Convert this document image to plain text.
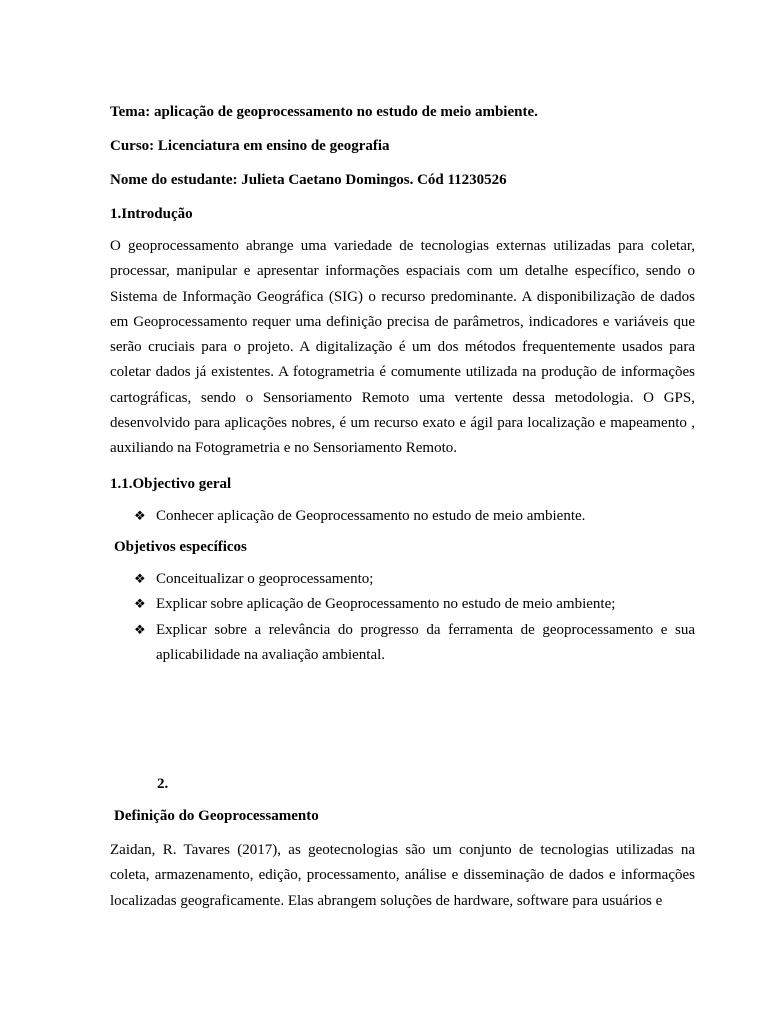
Tema: aplicação de geoprocessamento no estudo de meio ambiente.

Curso: Licenciatura em ensino de geografia

Nome do estudante: Julieta Caetano Domingos. Cód 11230526

1.Introdução

O geoprocessamento abrange uma variedade de tecnologias externas utilizadas para coletar, processar, manipular e apresentar informações espaciais com um detalhe específico, sendo o Sistema de Informação Geográfica (SIG) o recurso predominante. A disponibilização de dados em Geoprocessamento requer uma definição precisa de parâmetros, indicadores e variáveis que serão cruciais para o projeto. A digitalização é um dos métodos frequentemente usados para coletar dados já existentes. A fotogrametria é comumente utilizada na produção de informações cartográficas, sendo o Sensoriamento Remoto uma vertente dessa metodologia. O GPS, desenvolvido para aplicações nobres, é um recurso exato e ágil para localização e mapeamento , auxiliando na Fotogrametria e no Sensoriamento Remoto.

1.1.Objectivo geral

❖ Conhecer aplicação de Geoprocessamento no estudo de meio ambiente.

Objetivos específicos

❖ Conceitualizar o geoprocessamento;
❖ Explicar sobre aplicação de Geoprocessamento no estudo de meio ambiente;
❖ Explicar sobre a relevância do progresso da ferramenta de geoprocessamento e sua aplicabilidade na avaliação ambiental.

2.

Definição do Geoprocessamento

Zaidan, R. Tavares (2017), as geotecnologias são um conjunto de tecnologias utilizadas na coleta, armazenamento, edição, processamento, análise e disseminação de dados e informações localizadas geograficamente. Elas abrangem soluções de hardware, software para usuários e
